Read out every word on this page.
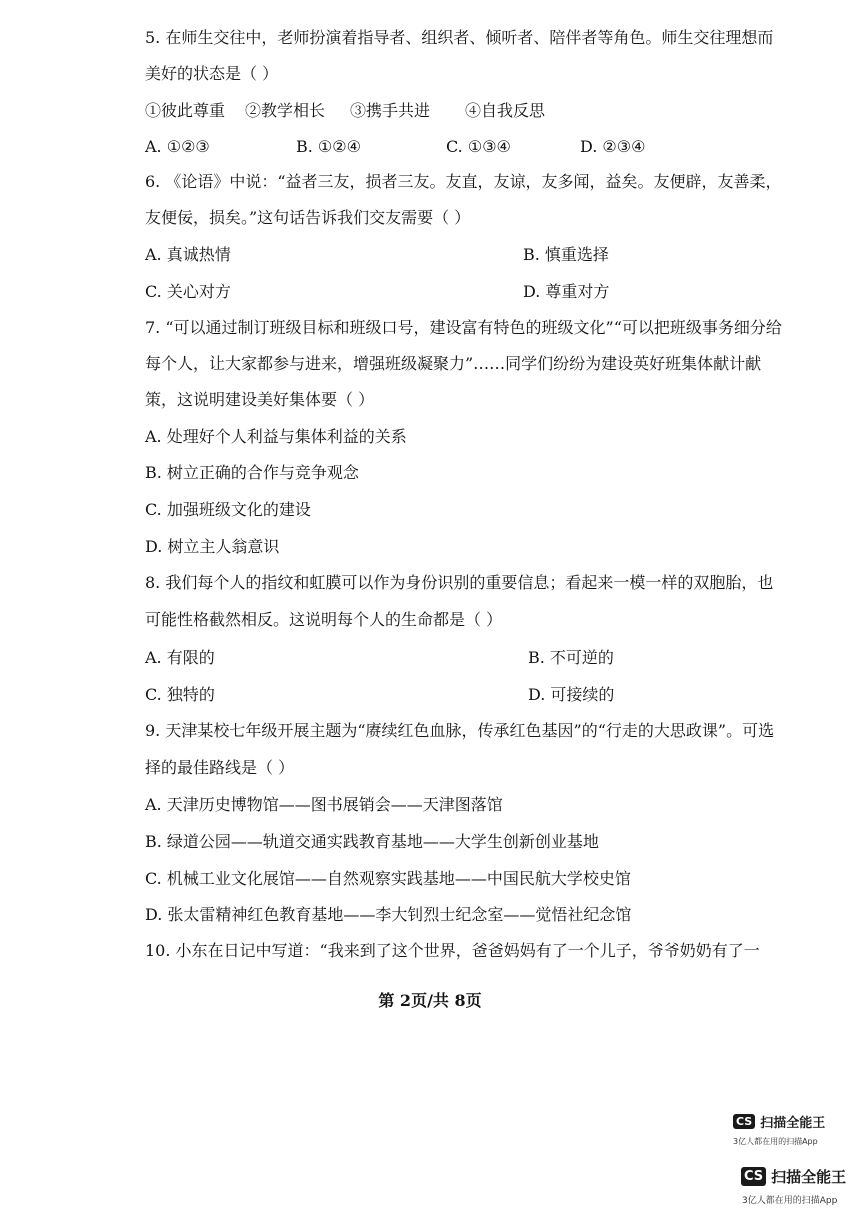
5. 在师生交往中，老师扮演着指导者、组织者、倾听者、陪伴者等角色。师生交往理想而
美好的状态是（ ）
①彼此尊重 ②教学相长 ③携手共进 ④自我反思
A. ①②③	B. ①②④	C. ①③④	D. ②③④
6. 《论语》中说：“益者三友，损者三友。友直，友谅，友多闻，益矣。友便辟，友善柔，
友便佞，损矣。”这句话告诉我们交友需要（ ）
A. 真诚热情	B. 慎重选择
C. 关心对方	D. 尊重对方
7. “可以通过制订班级目标和班级口号，建设富有特色的班级文化”“可以把班级事务细分给
每个人，让大家都参与进来，增强班级凝聚力”……同学们纷纷为建设英好班集体献计献
策，这说明建设美好集体要（ ）
A. 处理好个人利益与集体利益的关系
B. 树立正确的合作与竞争观念
C. 加强班级文化的建设
D. 树立主人翁意识
8. 我们每个人的指纹和虹膜可以作为身份识别的重要信息；看起来一模一样的双胞胎，也
可能性格截然相反。这说明每个人的生命都是（ ）
A. 有限的	B. 不可逆的
C. 独特的	D. 可接续的
9. 天津某校七年级开展主题为“赓续红色血脉，传承红色基因”的“行走的大思政课”。可选
择的最佳路线是（ ）
A. 天津历史博物馆——图书展销会——天津图落馆
B. 绿道公园——轨道交通实践教育基地——大学生创新创业基地
C. 机械工业文化展馆——自然观察实践基地——中国民航大学校史馆
D. 张太雷精神红色教育基地——李大钊烈士纪念室——觉悟社纪念馆
10. 小东在日记中写道：“我来到了这个世界，爸爸妈妈有了一个儿子，爷爷奶奶有了一
第 2页/共 8页
CS 扫描全能王
3亿人都在用的扫描App
CS 扫描全能王
3亿人都在用的扫描App
